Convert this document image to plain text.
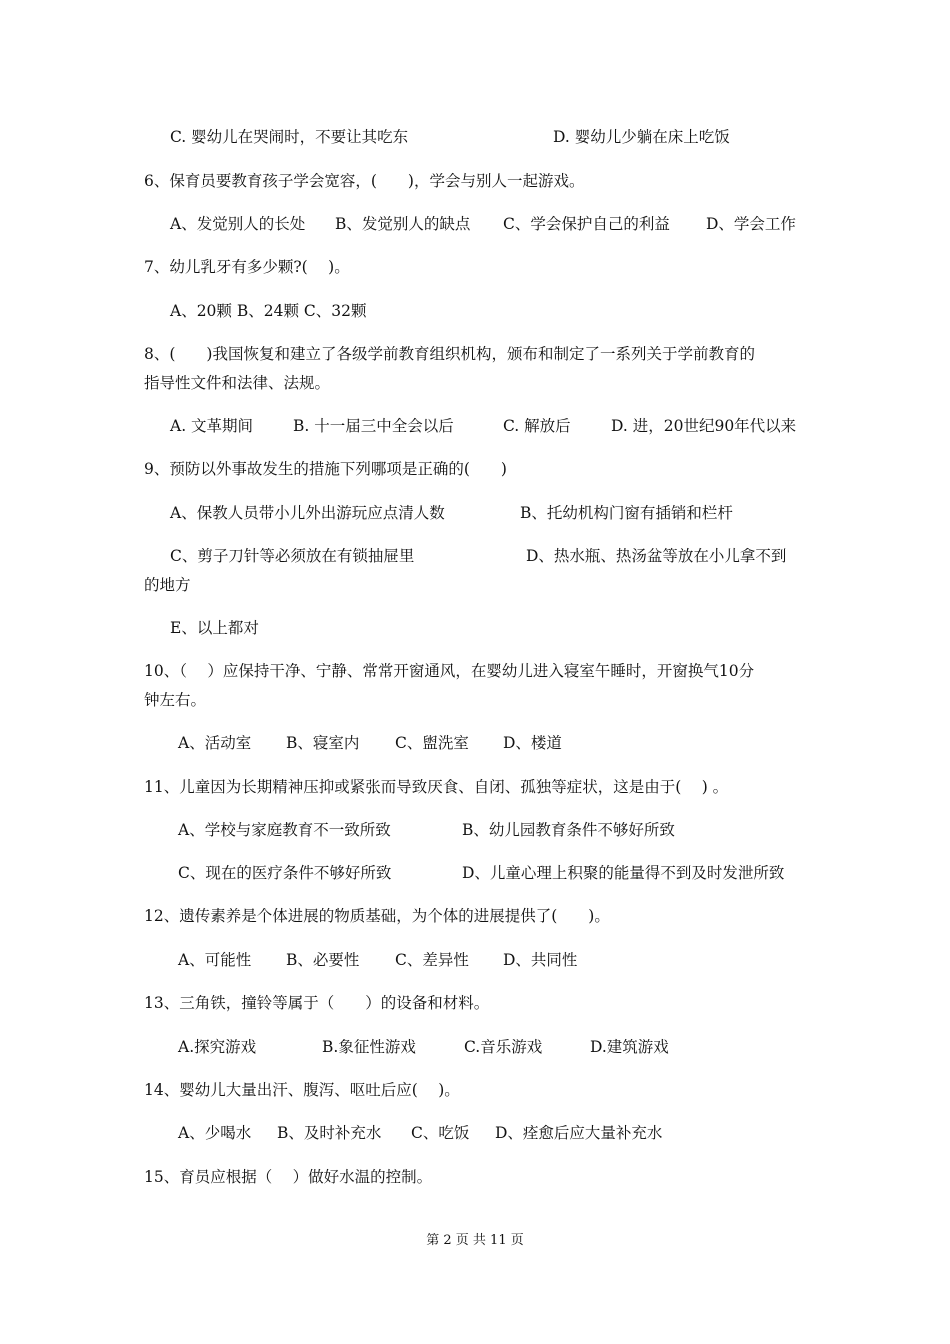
C. 婴幼儿在哭闹时，不要让其吃东	D. 婴幼儿少躺在床上吃饭
6、保育员要教育孩子学会宽容，(　　)，学会与别人一起游戏。
A、发觉别人的长处 B、发觉别人的缺点 C、学会保护自己的利益 D、学会工作
7、幼儿乳牙有多少颗?(　 )。
A、20颗 B、24颗 C、32颗
8、(　　)我国恢复和建立了各级学前教育组织机构，颁布和制定了一系列关于学前教育的
指导性文件和法律、法规。
A. 文革期间	B. 十一届三中全会以后	C. 解放后	D. 进，20世纪90年代以来
9、预防以外事故发生的措施下列哪项是正确的(　　)
A、保教人员带小儿外出游玩应点清人数	B、托幼机构门窗有插销和栏杆
C、剪子刀针等必须放在有锁抽屉里	D、热水瓶、热汤盆等放在小儿拿不到
的地方
E、以上都对
10、（　 ）应保持干净、宁静、常常开窗通风，在婴幼儿进入寝室午睡时，开窗换气10分
钟左右。
A、活动室 B、寝室内 C、盥洗室 D、楼道
11、儿童因为长期精神压抑或紧张而导致厌食、自闭、孤独等症状，这是由于(　 ) 。
A、学校与家庭教育不一致所致	B、幼儿园教育条件不够好所致
C、现在的医疗条件不够好所致	D、儿童心理上积聚的能量得不到及时发泄所致
12、遗传素养是个体进展的物质基础，为个体的进展提供了(　　)。
A、可能性 B、必要性 C、差异性 D、共同性
13、三角铁，撞铃等属于（　　）的设备和材料。
A.探究游戏	B.象征性游戏	C.音乐游戏	D.建筑游戏
14、婴幼儿大量出汗、腹泻、呕吐后应(　 )。
A、少喝水 B、及时补充水 C、吃饭 D、痊愈后应大量补充水
15、育员应根据（　 ）做好水温的控制。
第 2 页 共 11 页
